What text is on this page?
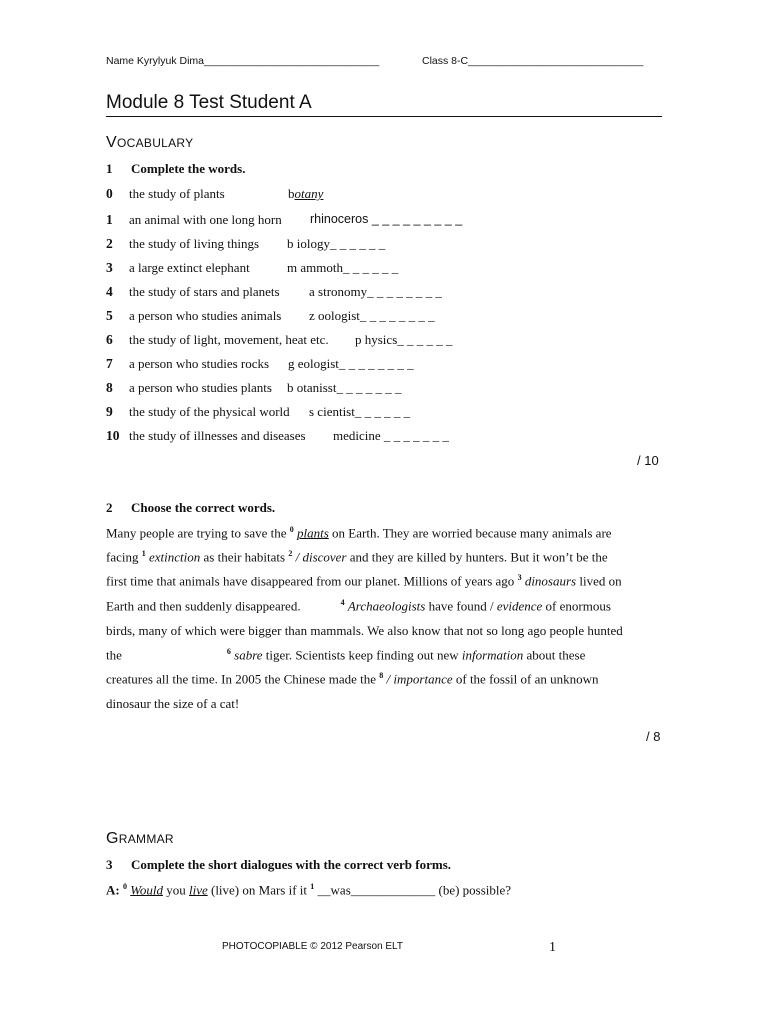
Name Kyrylyuk Dima______________________________	Class 8-C______________________________
Module 8 Test Student A
VOCABULARY
1 Complete the words.
0 the study of plants	botany
1 an animal with one long horn rhinoceros _ _ _ _ _ _ _ _ _
2 the study of living things b iology_ _ _ _ _ _
3 a large extinct elephant	m ammoth_ _ _ _ _ _
4 the study of stars and planets a stronomy_ _ _ _ _ _ _ _
5 a person who studies animals z oologist_ _ _ _ _ _ _ _
6 the study of light, movement, heat etc. p hysics_ _ _ _ _ _
7 a person who studies rocks g eologist_ _ _ _ _ _ _ _
8 a person who studies plants b otanisst_ _ _ _ _ _ _
9 the study of the physical world s cientist_ _ _ _ _ _
10 the study of illnesses and diseases medicine _ _ _ _ _ _ _
/ 10
2 Choose the correct words.
Many people are trying to save the $^0$ plants on Earth. They are worried because many animals are
facing $^1$ extinction as their habitats $^2$ / discover and they are killed by hunters. But it won’t be the
first time that animals have disappeared from our planet. Millions of years ago $^3$ dinosaurs lived on
Earth and then suddenly disappeared.	$^4$ Archaeologists have found / evidence of enormous
birds, many of which were bigger than mammals. We also know that not so long ago people hunted
the	$^6$ sabre tiger. Scientists keep finding out new information about these
creatures all the time. In 2005 the Chinese made the $^8$ / importance of the fossil of an unknown
dinosaur the size of a cat!
/ 8
GRAMMAR
3 Complete the short dialogues with the correct verb forms.
A: $^0$ Would you live (live) on Mars if it $^1$ __was_____________ (be) possible?
PHOTOCOPIABLE © 2012 Pearson ELT	1
